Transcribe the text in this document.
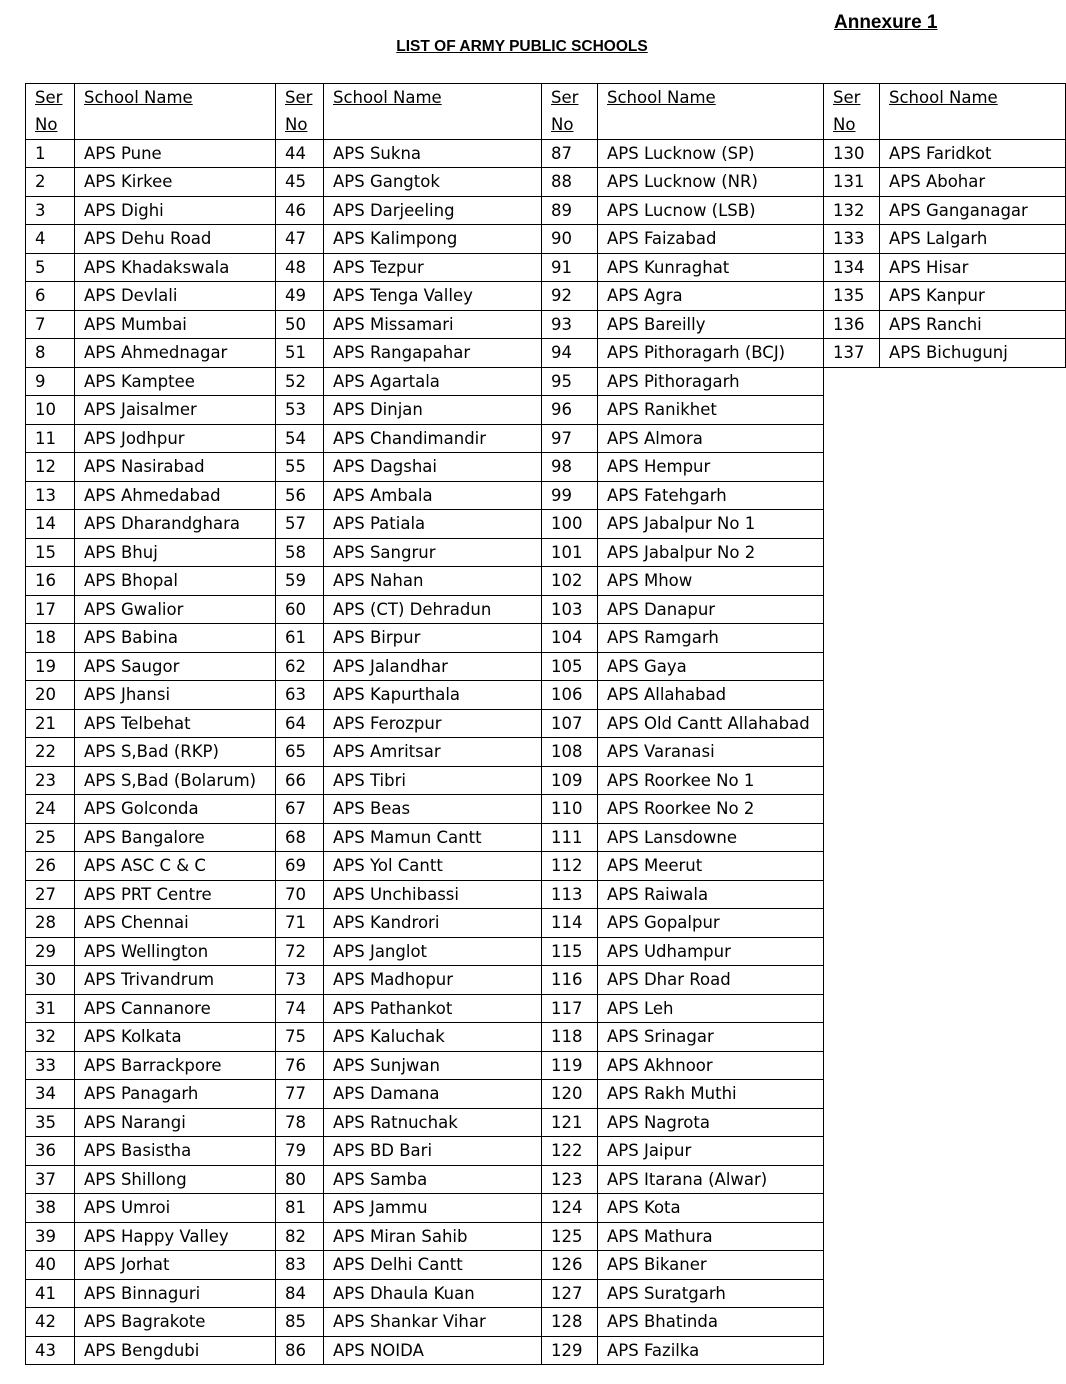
Annexure 1
LIST OF ARMY PUBLIC SCHOOLS
Ser
No	School Name	Ser
No	School Name	Ser
No	School Name	Ser
No	School Name
1	APS Pune	44	APS Sukna	87	APS Lucknow (SP)	130	APS Faridkot
2	APS Kirkee	45	APS Gangtok	88	APS Lucknow (NR)	131	APS Abohar
3	APS Dighi	46	APS Darjeeling	89	APS Lucnow (LSB)	132	APS Ganganagar
4	APS Dehu Road	47	APS Kalimpong	90	APS Faizabad	133	APS Lalgarh
5	APS Khadakswala	48	APS Tezpur	91	APS Kunraghat	134	APS Hisar
6	APS Devlali	49	APS Tenga Valley	92	APS Agra	135	APS Kanpur
7	APS Mumbai	50	APS Missamari	93	APS Bareilly	136	APS Ranchi
8	APS Ahmednagar	51	APS Rangapahar	94	APS Pithoragarh (BCJ)	137	APS Bichugunj
9	APS Kamptee	52	APS Agartala	95	APS Pithoragarh		
10	APS Jaisalmer	53	APS Dinjan	96	APS Ranikhet		
11	APS Jodhpur	54	APS Chandimandir	97	APS Almora		
12	APS Nasirabad	55	APS Dagshai	98	APS Hempur		
13	APS Ahmedabad	56	APS Ambala	99	APS Fatehgarh		
14	APS Dharandghara	57	APS Patiala	100	APS Jabalpur No 1		
15	APS Bhuj	58	APS Sangrur	101	APS Jabalpur No 2		
16	APS Bhopal	59	APS Nahan	102	APS Mhow		
17	APS Gwalior	60	APS (CT) Dehradun	103	APS Danapur		
18	APS Babina	61	APS Birpur	104	APS Ramgarh		
19	APS Saugor	62	APS Jalandhar	105	APS Gaya		
20	APS Jhansi	63	APS Kapurthala	106	APS Allahabad		
21	APS Telbehat	64	APS Ferozpur	107	APS Old Cantt Allahabad		
22	APS S,Bad (RKP)	65	APS Amritsar	108	APS Varanasi		
23	APS S,Bad (Bolarum)	66	APS Tibri	109	APS Roorkee No 1		
24	APS Golconda	67	APS Beas	110	APS Roorkee No 2		
25	APS Bangalore	68	APS Mamun Cantt	111	APS Lansdowne		
26	APS ASC C & C	69	APS Yol Cantt	112	APS Meerut		
27	APS PRT Centre	70	APS Unchibassi	113	APS Raiwala		
28	APS Chennai	71	APS Kandrori	114	APS Gopalpur		
29	APS Wellington	72	APS Janglot	115	APS Udhampur		
30	APS Trivandrum	73	APS Madhopur	116	APS Dhar Road		
31	APS Cannanore	74	APS Pathankot	117	APS Leh		
32	APS Kolkata	75	APS Kaluchak	118	APS Srinagar		
33	APS Barrackpore	76	APS Sunjwan	119	APS Akhnoor		
34	APS Panagarh	77	APS Damana	120	APS Rakh Muthi		
35	APS Narangi	78	APS Ratnuchak	121	APS Nagrota		
36	APS Basistha	79	APS BD Bari	122	APS Jaipur		
37	APS Shillong	80	APS Samba	123	APS Itarana (Alwar)		
38	APS Umroi	81	APS Jammu	124	APS Kota		
39	APS Happy Valley	82	APS Miran Sahib	125	APS Mathura		
40	APS Jorhat	83	APS Delhi Cantt	126	APS Bikaner		
41	APS Binnaguri	84	APS Dhaula Kuan	127	APS Suratgarh		
42	APS Bagrakote	85	APS Shankar Vihar	128	APS Bhatinda		
43	APS Bengdubi	86	APS NOIDA	129	APS Fazilka		
